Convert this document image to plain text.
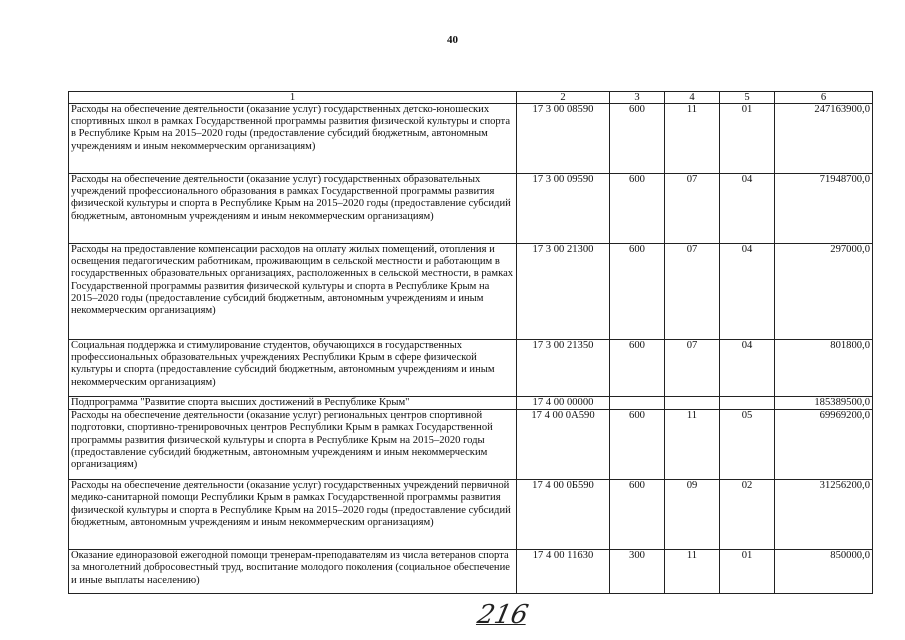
40
1	2	3	4	5	6
Расходы на обеспечение деятельности (оказание услуг) государственных детско-юношеских спортивных школ в рамках Государственной программы развития физической культуры и спорта в Республике Крым на 2015–2020 годы (предоставление субсидий бюджетным, автономным учреждениям и иным некоммерческим организациям)	17 3 00 08590	600	11	01	247163900,0
Расходы на обеспечение деятельности (оказание услуг) государственных образовательных учреждений профессионального образования в рамках Государственной программы развития физической культуры и спорта в Республике Крым на 2015–2020 годы (предоставление субсидий бюджетным, автономным учреждениям и иным некоммерческим организациям)	17 3 00 09590	600	07	04	71948700,0
Расходы на предоставление компенсации расходов на оплату жилых помещений, отопления и освещения педагогическим работникам, проживающим в сельской местности и работающим в государственных образовательных организациях, расположенных в сельской местности, в рамках Государственной программы развития физической культуры и спорта в Республике Крым на 2015–2020 годы (предоставление субсидий бюджетным, автономным учреждениям и иным некоммерческим организациям)	17 3 00 21300	600	07	04	297000,0
Социальная поддержка и стимулирование студентов, обучающихся в государственных профессиональных образовательных учреждениях Республики Крым в сфере физической культуры и спорта (предоставление субсидий бюджетным, автономным учреждениям и иным некоммерческим организациям)	17 3 00 21350	600	07	04	801800,0
Подпрограмма "Развитие спорта высших достижений в Республике Крым"	17 4 00 00000				185389500,0
Расходы на обеспечение деятельности (оказание услуг) региональных центров спортивной подготовки, спортивно-тренировочных центров Республики Крым в рамках Государственной программы развития физической культуры и спорта в Республике Крым на 2015–2020 годы (предоставление субсидий бюджетным, автономным учреждениям и иным некоммерческим организациям)	17 4 00 0А590	600	11	05	69969200,0
Расходы на обеспечение деятельности (оказание услуг) государственных учреждений первичной медико-санитарной помощи Республики Крым в рамках Государственной программы развития физической культуры и спорта в Республике Крым на 2015–2020 годы (предоставление субсидий бюджетным, автономным учреждениям и иным некоммерческим организациям)	17 4 00 0Б590	600	09	02	31256200,0
Оказание единоразовой ежегодной помощи тренерам-преподавателям из числа ветеранов спорта за многолетний добросовестный труд, воспитание молодого поколения (социальное обеспечение и иные выплаты населению)	17 4 00 11630	300	11	01	850000,0
216
